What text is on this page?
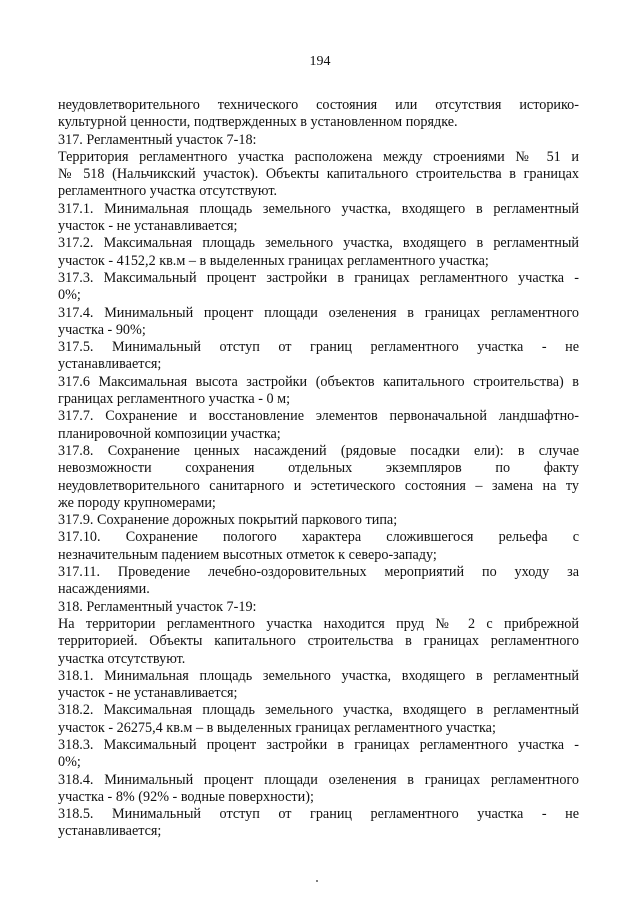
194
неудовлетворительного технического состояния или отсутствия историко-
культурной ценности, подтвержденных в установленном порядке.
317. Регламентный участок 7-18:
Территория регламентного участка расположена между строениями № 51 и
№ 518 (Нальчикский участок). Объекты капитального строительства в границах
регламентного участка отсутствуют.
317.1. Минимальная площадь земельного участка, входящего в регламентный
участок - не устанавливается;
317.2. Максимальная площадь земельного участка, входящего в регламентный
участок - 4152,2 кв.м – в выделенных границах регламентного участка;
317.3. Максимальный процент застройки в границах регламентного участка -
0%;
317.4. Минимальный процент площади озеленения в границах регламентного
участка - 90%;
317.5. Минимальный отступ от границ регламентного участка - не
устанавливается;
317.6 Максимальная высота застройки (объектов капитального строительства) в
границах регламентного участка - 0 м;
317.7. Сохранение и восстановление элементов первоначальной ландшафтно-
планировочной композиции участка;
317.8. Сохранение ценных насаждений (рядовые посадки ели): в случае
невозможности сохранения отдельных экземпляров по факту
неудовлетворительного санитарного и эстетического состояния – замена на ту
же породу крупномерами;
317.9. Сохранение дорожных покрытий паркового типа;
317.10. Сохранение пологого характера сложившегося рельефа с
незначительным падением высотных отметок к северо-западу;
317.11. Проведение лечебно-оздоровительных мероприятий по уходу за
насаждениями.
318. Регламентный участок 7-19:
На территории регламентного участка находится пруд № 2 с прибрежной
территорией. Объекты капитального строительства в границах регламентного
участка отсутствуют.
318.1. Минимальная площадь земельного участка, входящего в регламентный
участок - не устанавливается;
318.2. Максимальная площадь земельного участка, входящего в регламентный
участок - 26275,4 кв.м – в выделенных границах регламентного участка;
318.3. Максимальный процент застройки в границах регламентного участка -
0%;
318.4. Минимальный процент площади озеленения в границах регламентного
участка - 8% (92% - водные поверхности);
318.5. Минимальный отступ от границ регламентного участка - не
устанавливается;
